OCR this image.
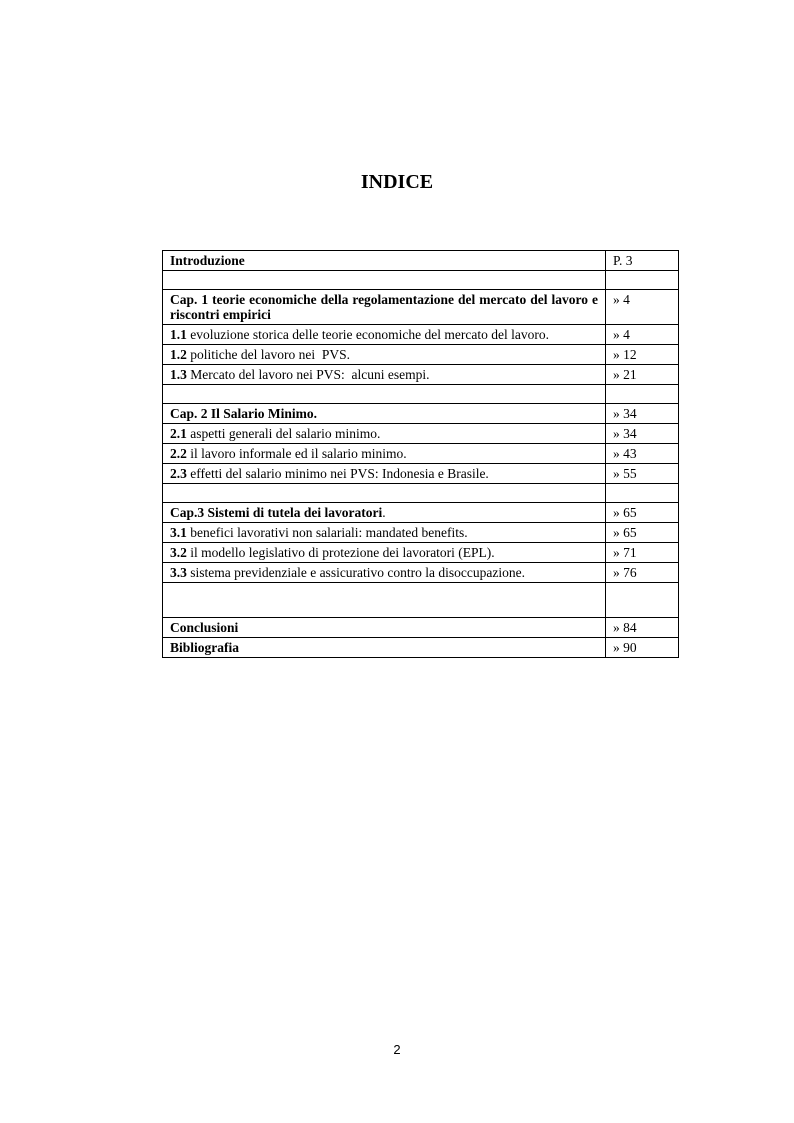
INDICE
Introduzione	P. 3

Cap. 1 teorie economiche della regolamentazione del mercato del lavoro e riscontri empirici	» 4
1.1 evoluzione storica delle teorie economiche del mercato del lavoro.	» 4
1.2 politiche del lavoro nei  PVS.	» 12
1.3 Mercato del lavoro nei PVS:  alcuni esempi.	» 21

Cap. 2 Il Salario Minimo.	» 34
2.1 aspetti generali del salario minimo.	» 34
2.2 il lavoro informale ed il salario minimo.	» 43
2.3 effetti del salario minimo nei PVS: Indonesia e Brasile.	» 55

Cap.3 Sistemi di tutela dei lavoratori.	» 65
3.1 benefici lavorativi non salariali: mandated benefits.	» 65
3.2 il modello legislativo di protezione dei lavoratori (EPL).	» 71
3.3 sistema previdenziale e assicurativo contro la disoccupazione.	» 76

Conclusioni	» 84
Bibliografia	» 90
2
